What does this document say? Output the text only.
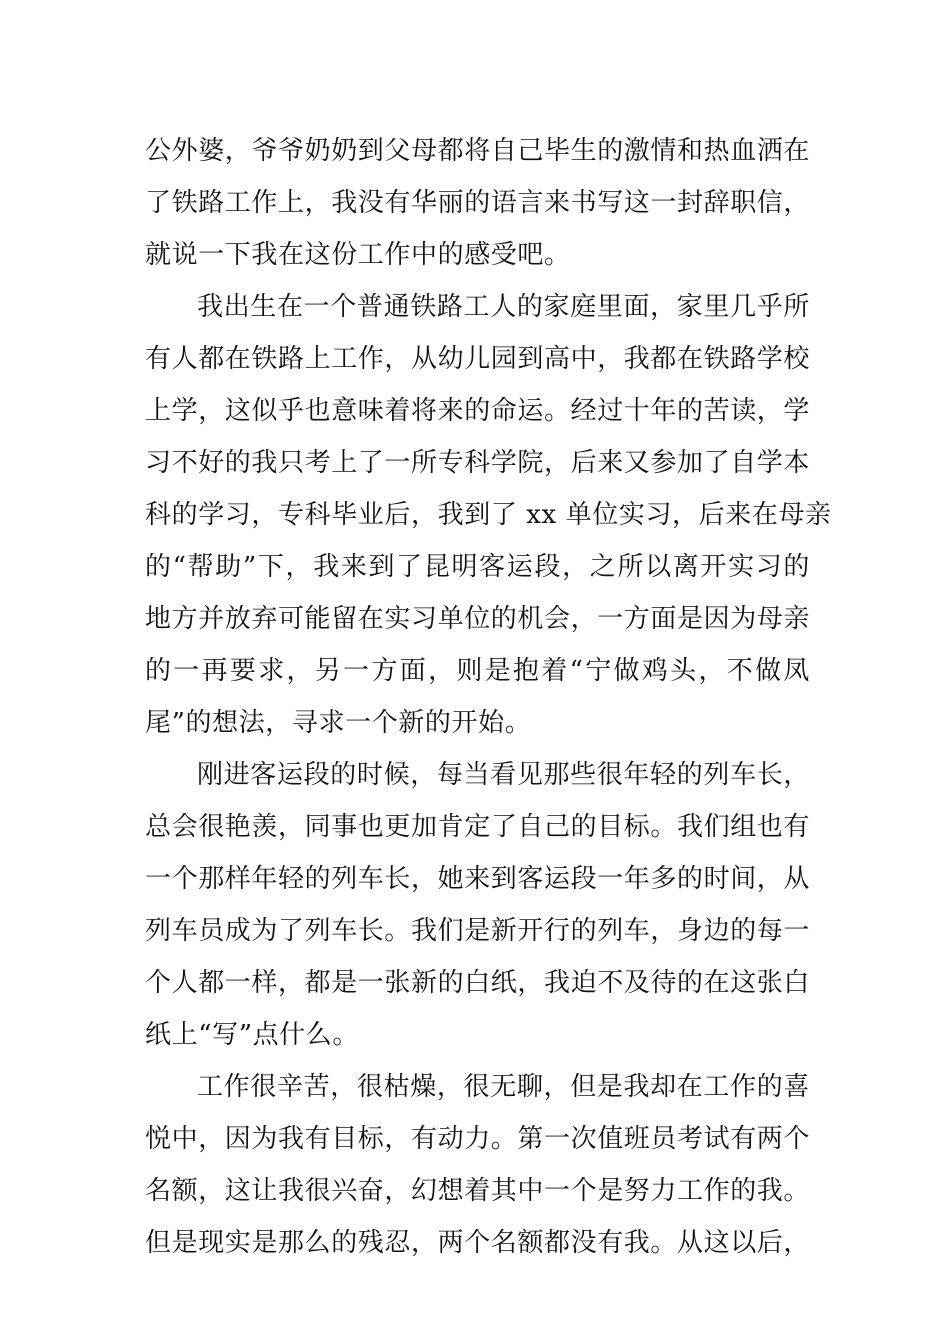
公外婆，爷爷奶奶到父母都将自己毕生的激情和热血洒在
了铁路工作上，我没有华丽的语言来书写这一封辞职信，
就说一下我在这份工作中的感受吧。
我出生在一个普通铁路工人的家庭里面，家里几乎所
有人都在铁路上工作，从幼儿园到高中，我都在铁路学校
上学，这似乎也意味着将来的命运。经过十年的苦读，学
习不好的我只考上了一所专科学院，后来又参加了自学本
科的学习，专科毕业后，我到了 xx 单位实习，后来在母亲
的“帮助”下，我来到了昆明客运段，之所以离开实习的
地方并放弃可能留在实习单位的机会，一方面是因为母亲
的一再要求，另一方面，则是抱着“宁做鸡头，不做凤
尾”的想法，寻求一个新的开始。
刚进客运段的时候，每当看见那些很年轻的列车长，
总会很艳羡，同事也更加肯定了自己的目标。我们组也有
一个那样年轻的列车长，她来到客运段一年多的时间，从
列车员成为了列车长。我们是新开行的列车，身边的每一
个人都一样，都是一张新的白纸，我迫不及待的在这张白
纸上“写”点什么。
工作很辛苦，很枯燥，很无聊，但是我却在工作的喜
悦中，因为我有目标，有动力。第一次值班员考试有两个
名额，这让我很兴奋，幻想着其中一个是努力工作的我。
但是现实是那么的残忍，两个名额都没有我。从这以后，
